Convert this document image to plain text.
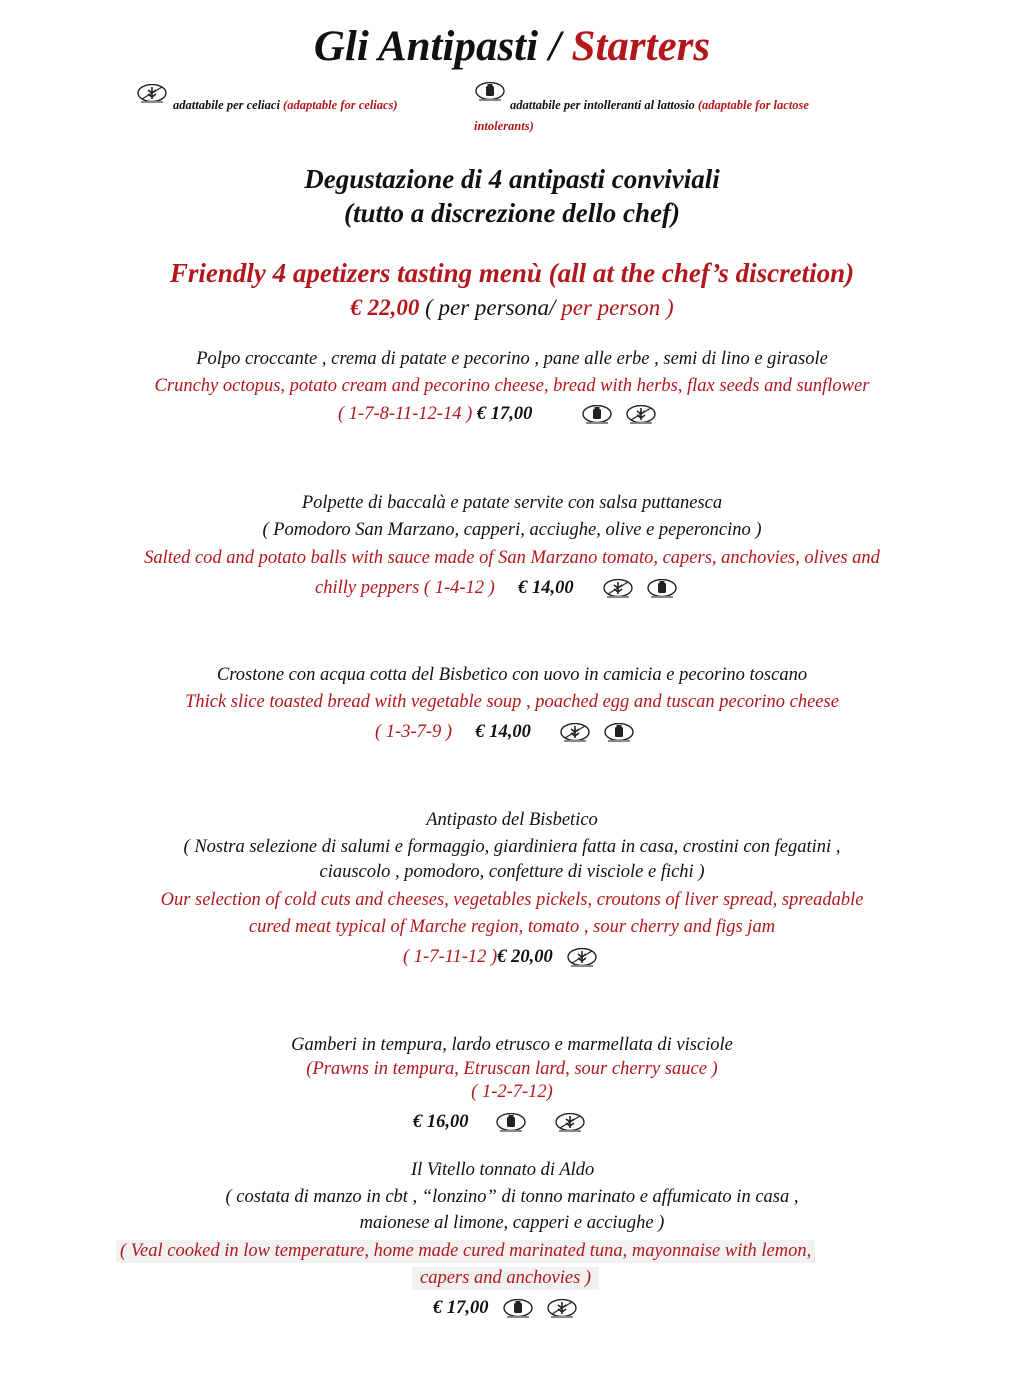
Gli Antipasti / Starters
adattabile per celiaci (adaptable for celiacs)	adattabile per intolleranti al lattosio (adaptable for lactose
intolerants)
Degustazione di 4 antipasti conviviali
(tutto a discrezione dello chef)
Friendly 4 apetizers tasting menù (all at the chef’s discretion)
€ 22,00 ( per persona/ per person )
Polpo croccante , crema di patate e pecorino , pane alle erbe , semi di lino e girasole
Crunchy octopus, potato cream and pecorino cheese, bread with herbs, flax seeds and sunflower
( 1-7-8-11-12-14 ) € 17,00
Polpette di baccalà e patate servite con salsa puttanesca
( Pomodoro San Marzano, capperi, acciughe, olive e peperoncino )
Salted cod and potato balls with sauce made of San Marzano tomato, capers, anchovies, olives and
chilly peppers ( 1-4-12 ) € 14,00
Crostone con acqua cotta del Bisbetico con uovo in camicia e pecorino toscano
Thick slice toasted bread with vegetable soup , poached egg and tuscan pecorino cheese
( 1-3-7-9 ) € 14,00
Antipasto del Bisbetico
( Nostra selezione di salumi e formaggio, giardiniera fatta in casa, crostini con fegatini ,
ciauscolo , pomodoro, confetture di visciole e fichi )
Our selection of cold cuts and cheeses, vegetables pickels, croutons of liver spread, spreadable
cured meat typical of Marche region, tomato , sour cherry and figs jam
( 1-7-11-12 )€ 20,00
Gamberi in tempura, lardo etrusco e marmellata di visciole
(Prawns in tempura, Etruscan lard, sour cherry sauce )
( 1-2-7-12)
€ 16,00

Il Vitello tonnato di Aldo
( costata di manzo in cbt , “lonzino” di tonno marinato e affumicato in casa ,
maionese al limone, capperi e acciughe )
( Veal cooked in low temperature, home made cured marinated tuna, mayonnaise with lemon,
capers and anchovies )
€ 17,00
